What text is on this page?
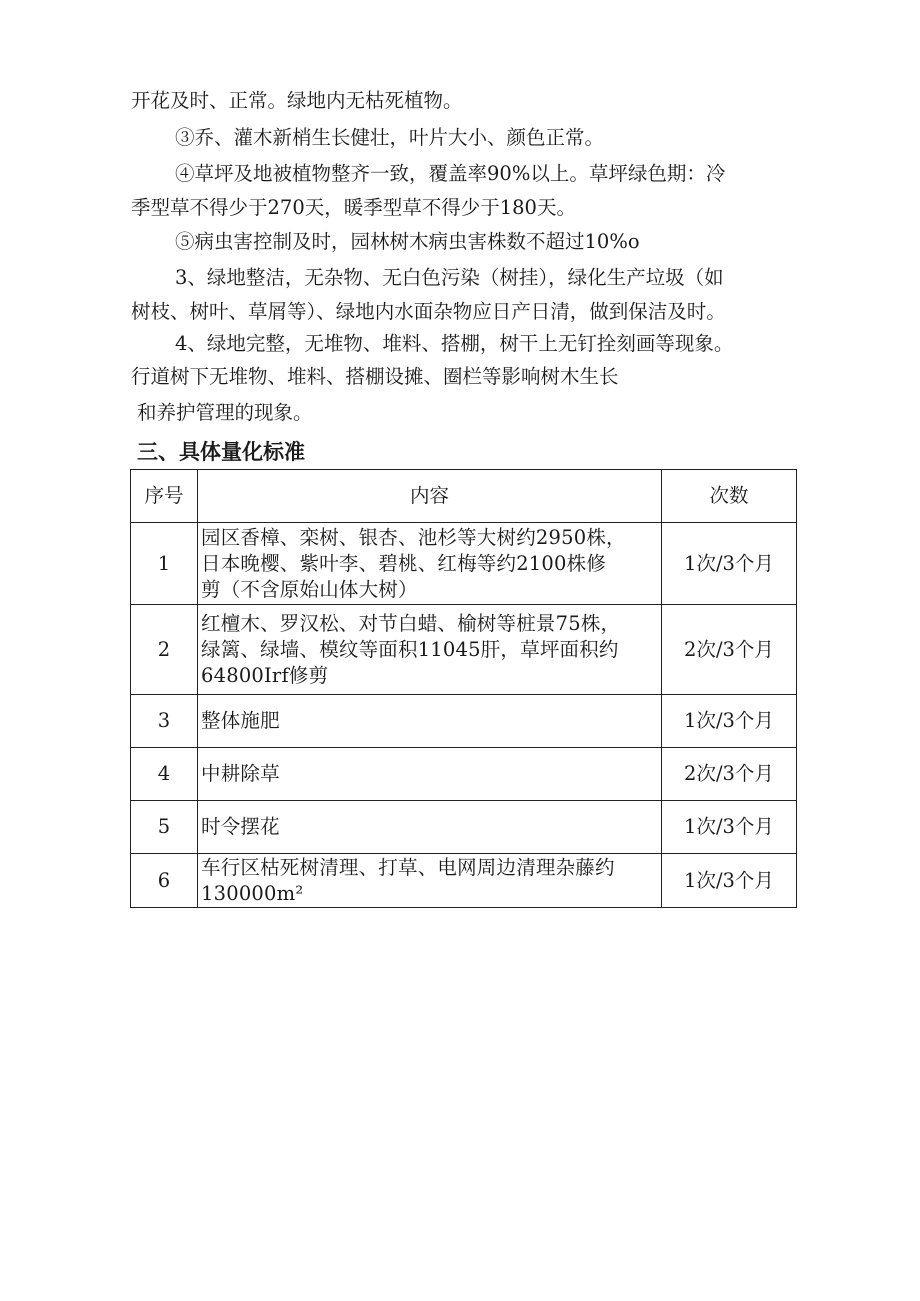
开花及时、正常。绿地内无枯死植物。
③乔、灌木新梢生长健壮，叶片大小、颜色正常。
④草坪及地被植物整齐一致，覆盖率90%以上。草坪绿色期：冷
季型草不得少于270天，暖季型草不得少于180天。
⑤病虫害控制及时，园林树木病虫害株数不超过10%o
3、绿地整洁，无杂物、无白色污染（树挂），绿化生产垃圾（如
树枝、树叶、草屑等）、绿地内水面杂物应日产日清，做到保洁及时。
4、绿地完整，无堆物、堆料、搭棚，树干上无钉拴刻画等现象。
行道树下无堆物、堆料、搭棚设摊、圈栏等影响树木生长
和养护管理的现象。
三、具体量化标准
序号	内容	次数
1	园区香樟、栾树、银杏、池杉等大树约2950株，
日本晚樱、紫叶李、碧桃、红梅等约2100株修
剪（不含原始山体大树）	1次/3个月
2	红檀木、罗汉松、对节白蜡、榆树等桩景75株，
绿篱、绿墙、模纹等面积11045肝，草坪面积约
64800Irf修剪	2次/3个月
3	整体施肥	1次/3个月
4	中耕除草	2次/3个月
5	时令摆花	1次/3个月
6	车行区枯死树清理、打草、电网周边清理杂藤约
130000m²	1次/3个月
